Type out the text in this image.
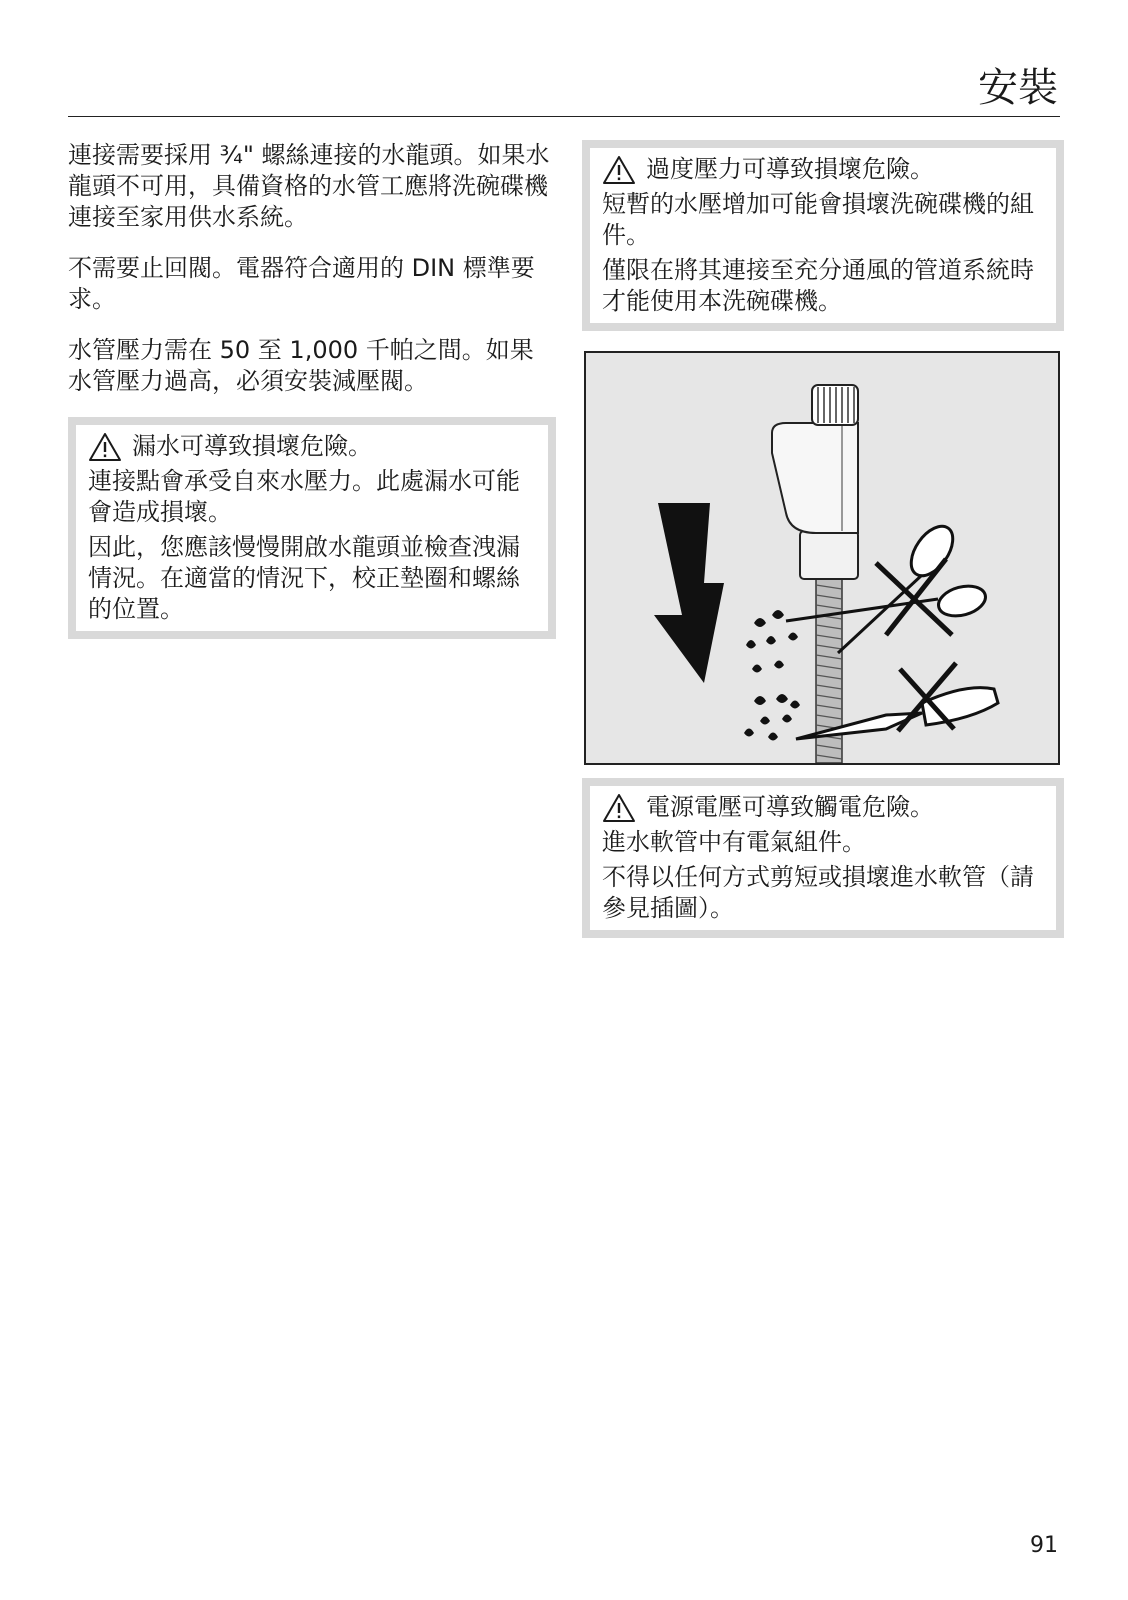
安裝

連接需要採用 ¾" 螺絲連接的水龍頭。如果水龍頭不可用，具備資格的水管工應將洗碗碟機連接至家用供水系統。

不需要止回閥。電器符合適用的 DIN 標準要求。

水管壓力需在 50 至 1,000 千帕之間。如果水管壓力過高，必須安裝減壓閥。

漏水可導致損壞危險。

連接點會承受自來水壓力。此處漏水可能會造成損壞。

因此，您應該慢慢開啟水龍頭並檢查洩漏情況。在適當的情況下，校正墊圈和螺絲的位置。

過度壓力可導致損壞危險。

短暫的水壓增加可能會損壞洗碗碟機的組件。

僅限在將其連接至充分通風的管道系統時才能使用本洗碗碟機。

電源電壓可導致觸電危險。

進水軟管中有電氣組件。

不得以任何方式剪短或損壞進水軟管（請參見插圖）。

91
